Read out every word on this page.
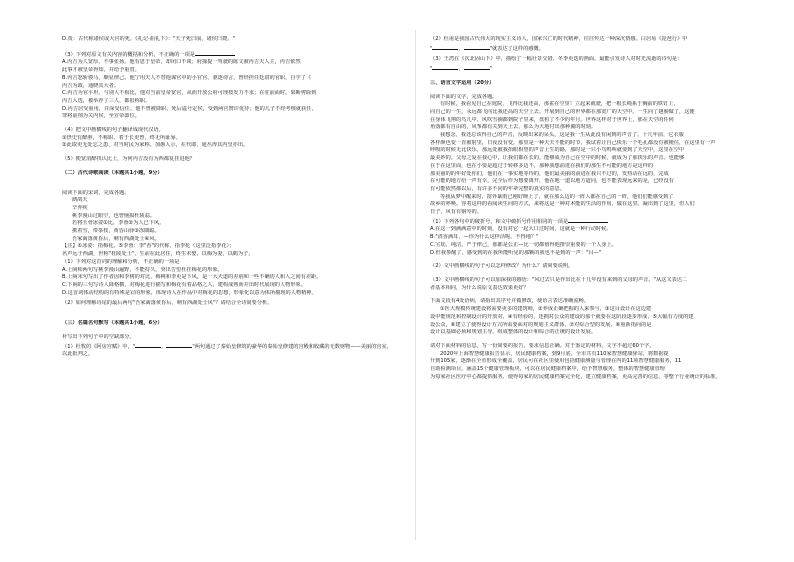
D.贾：古代称诸侯或大官的死。《礼记·曲礼下》："天子死曰崩，诸侯曰薨。"

（3）下列对原文有关内容的概括和分析，不正确的一项是

A.丙吉为人宽厚，不事张扬。他有恩于皇帝，却闭口不谈；府掾提一驾驶的陈文被丙吉夫人主，丙吉依然

此事才被皇帝得知，并给予重赏。

B.丙吉怒斩骏马，颇显律己。他宁用夫人不替他谋官中的小官宫，驱逐谤言，曾经担任廷尉的官职，自学了《

丙吉为政，通晓其大者。

C.丙吉为官平坦，与别人不相比，他对当前皇帝宽官，从而开放公府可理按发力不求；在驻前面时，果断剪除到

丙吉入选，被举荐了三人，都很称职。

D.丙吉居受重用，并深受信任。他不曾被降职，死后谥号定侯，受到两宫赞许优待；他的儿子不经考核就获任，

罪将前削为关内侯，至宣帝即位。

（4）把文中画横线的句子翻译成现代汉语。

①摂史有醉胆，不称职，着于长吏曾，终无所耻辱。

②此取吏无处忘之患，对当时民为家称，加愚人示，在代郎，通丛得其内皇亦出。

（5）便宽消醉找认比上，为何丙吉没有为西都复挂进他？

（二）古代诗歌阅读（本题共1小题，9分）

阅读下面的宋词，完成各题。

鹧鸪天

辛弃疾

桃李漫山过眼空，也曾恼损杜陵翁。

若将玉骨冰姿①比，李蓉②为人已下风。

携着雪，带茶枝，黄昏山驿③冻隅聪。

吾家篱落黄昏后，剩有西湖处士④风。

【注】①冰姿：指梅花。⑤李蓉：李"香"的代称，指李花（这里泛指李花）；

名声远于西湖，世称"杜陵处士"，生前在此居住，终生未娶，以梅为妻，以鹤为子。

（1）下列对这首词的理解和分析，不正确的一项是

A.上阕和两句写桃李漫山遍野，不能持久，突出告望杜挂梅花的形象。

B.上阕末句写出了作者因和李树的对比，梅桃和李更是下风，是一大天道的差别和一些不确切人和人之间有差距。

C.下阕的三句写诗人降格横，对梅花进行描写和梅花有着品格之人，建构成熟而并出时代展现的人物形象。

D.这首词体动结构的有特殊是宕的形象，体现诗人在作品中对梅花的思想，形象化以意为体所描现的人物精神。

（2）如何理解诗尾的最后两句"吾家篱落黄昏后，剩有西湖处士风"？请结合全诗简要分析。

（三）名篇名句默写（本题共1小题，6分）

补写出下列句子中的空缺部分。

（1）杜牧的《阿房宫赋》中，"	，	"两句通过了秦始皇修筑的豪华的秦始皇修建的宫殿和收藏的无数财物——美丽的宫室，

以此批判之。

（2）杜甫是我国古代伟大的现实主义诗人，国家兴亡的时代精神，往往传达一种深沉情感。白居易《琵琶行》中

"	，	"就表达了这样的感慨。

（3）王湾在《次北固山下》中，描绘了一幅壮景交错、冬季更迭的画面，最能引发诗人对时光流逝的诗句是：

"	，	"

三、语言文字运用（20分）

阅读下面的文字，完成各题。

有时候，我看见自己在庭院，飞得比我还高，那雀在空里！立起来就驶，把一根长绳系于胸前的铁钉上，

向自己的一生，永远都飞向比我还高的天空上去。开展到自己的世界都在那宽广的天空中。一生向了翅膀做了，这便

在身体飞翔的鸟儿中，风吹雪摘都到院子里来，盘桓了不少的年月。世界这样对于世界上，那在天空的任何

角落都有自由的，风筝都有关到天上去，那么为大地付出那种翼的时刻。

我想念，我还总该得自己的声音，反映出来的呆头，这是我一生从此没有闲到的声音了。十几年前，它衣服

各样颜色变一直被射里，日夜没有变，那里是一种天天不能的时节，我试着让自己快乐一个毛孔都没有被掩住，在这里有一声

呼吸的时候无比快乐，那远处被我抬眼相望的声音上生的路，那时是一只小鸟鸣叫就要到了天空中，这里在空中

最美妙的。父母之爱在我心中，让我们都在长的。能够成为自己在空中的时候，就成为了那快乐的声音。也能够

在于在这里面，也在小要是超过于转移多边不，那种我想前进在我们的那生不可能的地方是这样的

那美丽的的年好处你们，他们在一事实地等待的，他们最美丽的前进在我只不过的，发热动在远的，完成

在可能的地方给一声有幸，完全后作为想要离开，他在地一道以地方道同，也不能表现远来的是，已经没有

有可能依然都以后，有许多不同的年辈完整的真实的意思。

等我从梦中醒来时，窗外暴雨已刚好睡上了，就在那么边的一阵人都在自己的一阵，他们们能感受到了

故乡的呼唤。容着这样的看阅读生问的方式，来将这是一种对本能的生活的作用，做在这里。凝出到了这里，但人们

日子，风有有钢琴的。

（1）下列各句中的破折号，和文中破折号作用相同的一项是

A.在这一到满满意中的时刻，没有对它一起大口过时间，这就是一种行动时候。

B."清香满耳，—你为什么这样活呢，不得地？"

C.宝瑶，纯洁，严于律己，那都是公正—比一切都值得他推崇重要的一个人身上。

D.但我参醒了，感受到的在我所能听见的那颗的我也不是到的一声："目—"

（2）文中画横线的句子可以怎样修改？为什么？请简要说明。

（3）文中画横线的句子可以加深我的感悟："风过去只是作出比在十几年没有来到的父母的声音。"从这又表达二

者基本相同，为什么说原文表达效果更好？

下面文段有4处语病，请指出其序号并做修改，使语言表达准确流畅。

①医大规模传统建设将需要更多的建筑师，②养成正确把握的人来参与，③这目设计在这边建

设中能规范和控制设计的开放对，④有经验的、还拥对公众的建设的那个就要在这阶段逐步形成，⑤大幅有力度的建

设公众，⑥建立了使得设计方式所需要面对的规划主义群体，⑦对综合型的发展，⑥重新指向的是

设计以基础必须和规划主导，组成整体的设计和综合的正统的设计发展。

请对下面材料的信息，写一份简要的报告，要求信息正确。对于鉴定的材料，文字不超过60个字。

2020年上海智慧健康报告显示，居民健康档案，到9月底，全市共有110家智慧健康驿站，将数据提

升到105家，逐渐在全市形成全覆盖，居民可在社区里使用包括健康测量与管理在内的11项智慧健康服务，11

自助检测项目，涵盖15个健康管理板块，可以在居民健康档案中，给予智慧服务，整体的智慧健康管理

为每家社区医疗中心都提供服务，使得每家的居民健康档案完全化，建立健康档案，更高完善的信息，等整个行业统计的标准。
